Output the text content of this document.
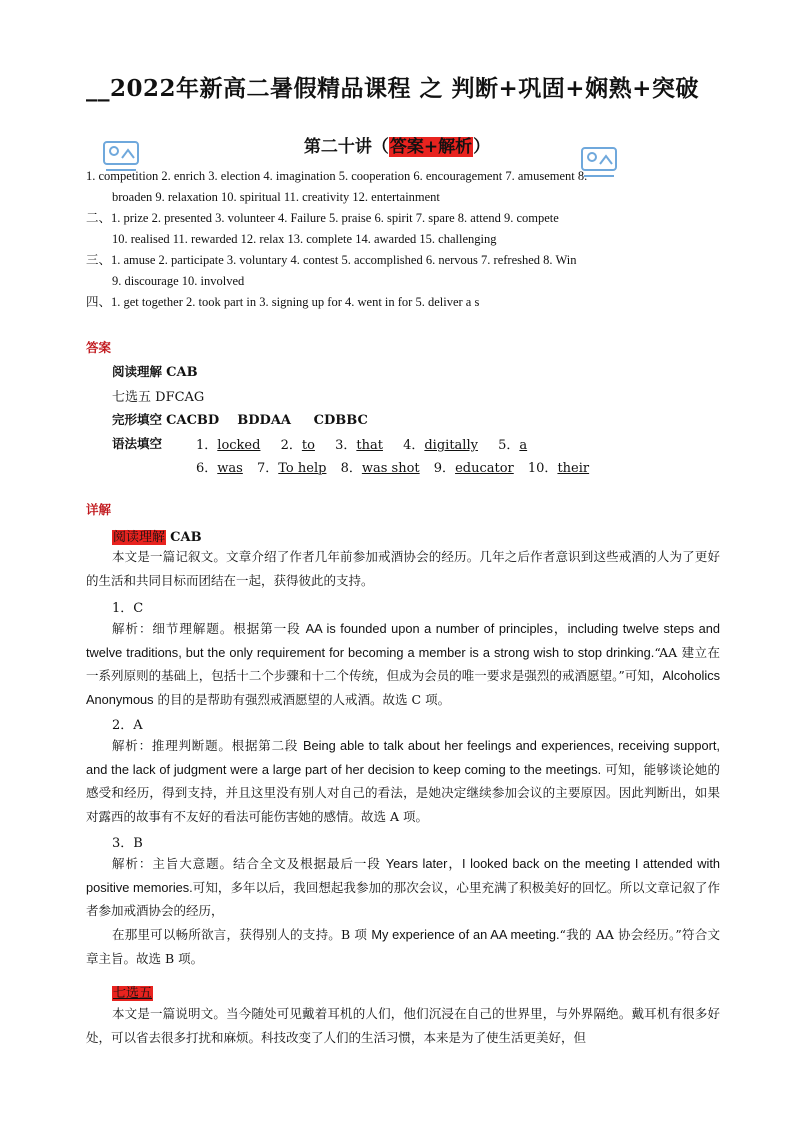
__2022年新高二暑假精品课程 之 判断+巩固+娴熟+突破
第二十讲（答案+解析）
1. competition 2. enrich 3. election 4. imagination 5. cooperation 6. encouragement 7. amusement 8.
broaden 9. relaxation 10. spiritual 11. creativity 12. entertainment
二、1. prize 2. presented 3. volunteer 4. Failure 5. praise 6. spirit 7. spare 8. attend 9. compete
10. realised 11. rewarded 12. relax 13. complete 14. awarded 15. challenging
三、1. amuse 2. participate 3. voluntary 4. contest 5. accomplished 6. nervous 7. refreshed 8. Win
9. discourage 10. involved
四、1. get together 2. took part in 3. signing up for 4. went in for 5. deliver a s
答案
阅读理解 CAB
七选五 DFCAG
完形填空 CACBD    BDDAA     CDBBC
语法填空	1．locked 2．to 3．that 4．digitally 5．a
6．was 7．To help 8．was shot 9．educator 10．their
详解
阅读理解 CAB
本文是一篇记叙文。文章介绍了作者几年前参加戒酒协会的经历。几年之后作者意识到这些戒酒的人为了更好的生活和共同目标而团结在一起，获得彼此的支持。
1．C
解析：细节理解题。根据第一段 AA is founded upon a number of principles，including twelve steps and twelve traditions, but the only requirement for becoming a member is a strong wish to stop drinking.“AA 建立在一系列原则的基础上，包括十二个步骤和十二个传统，但成为会员的唯一要求是强烈的戒酒愿望。”可知，Alcoholics Anonymous 的目的是帮助有强烈戒酒愿望的人戒酒。故选 C 项。
2．A
解析：推理判断题。根据第二段 Being able to talk about her feelings and experiences, receiving support, and the lack of judgment were a large part of her decision to keep coming to the meetings. 可知，能够谈论她的感受和经历，得到支持，并且这里没有别人对自己的看法，是她决定继续参加会议的主要原因。因此判断出，如果对露西的故事有不友好的看法可能伤害她的感情。故选 A 项。
3．B
解析：主旨大意题。结合全文及根据最后一段 Years later，I looked back on the meeting I attended with positive memories.可知，多年以后，我回想起我参加的那次会议，心里充满了积极美好的回忆。所以文章记叙了作者参加戒酒协会的经历，
在那里可以畅所欲言，获得别人的支持。B 项 My experience of an AA meeting.“我的 AA 协会经历。”符合文章主旨。故选 B 项。
七选五
本文是一篇说明文。当今随处可见戴着耳机的人们，他们沉浸在自己的世界里，与外界隔绝。戴耳机有很多好处，可以省去很多打扰和麻烦。科技改变了人们的生活习惯，本来是为了使生活更美好，但
